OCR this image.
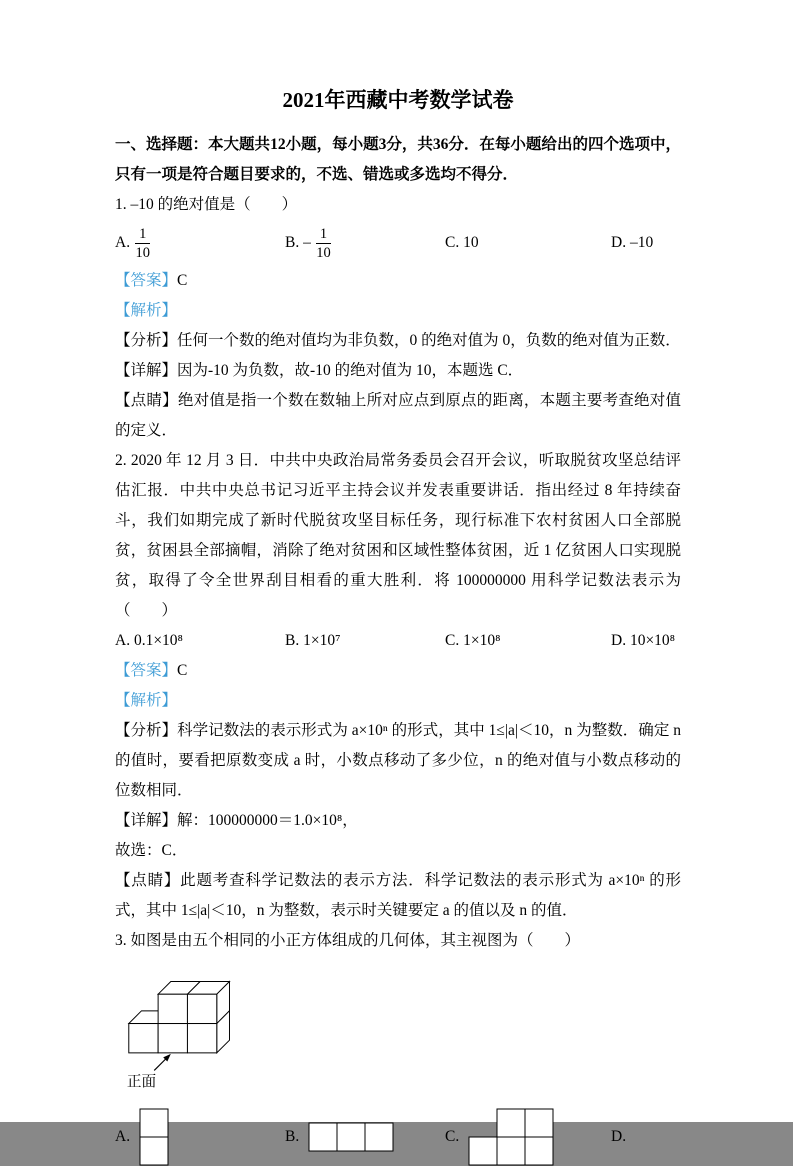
2021年西藏中考数学试卷

一、选择题：本大题共12小题，每小题3分，共36分．在每小题给出的四个选项中，只有一项是符合题目要求的，不选、错选或多选均不得分．

1. –10 的绝对值是（　　）

A. $\frac{1}{10}$	B. – $\frac{1}{10}$	C. 10	D. –10

【答案】C

【解析】

【分析】任何一个数的绝对值均为非负数，0 的绝对值为 0，负数的绝对值为正数．

【详解】因为-10 为负数，故-10 的绝对值为 10，本题选 C．

【点睛】绝对值是指一个数在数轴上所对应点到原点的距离，本题主要考查绝对值的定义．

2. 2020 年 12 月 3 日．中共中央政治局常务委员会召开会议，听取脱贫攻坚总结评估汇报．中共中央总书记习近平主持会议并发表重要讲话．指出经过 8 年持续奋斗，我们如期完成了新时代脱贫攻坚目标任务，现行标准下农村贫困人口全部脱贫，贫困县全部摘帽，消除了绝对贫困和区域性整体贫困，近 1 亿贫困人口实现脱贫，取得了令全世界刮目相看的重大胜利．将 100000000 用科学记数法表示为（　　）

A. 0.1×10⁸	B. 1×10⁷	C. 1×10⁸	D. 10×10⁸

【答案】C

【解析】

【分析】科学记数法的表示形式为 a×10ⁿ 的形式，其中 1≤|a|＜10，n 为整数．确定 n 的值时，要看把原数变成 a 时，小数点移动了多少位，n 的绝对值与小数点移动的位数相同．

【详解】解：100000000＝1.0×10⁸，

故选：C．

【点睛】此题考查科学记数法的表示方法．科学记数法的表示形式为 a×10ⁿ 的形式，其中 1≤|a|＜10，n 为整数，表示时关键要定 a 的值以及 n 的值．

3. 如图是由五个相同的小正方体组成的几何体，其主视图为（　　）

正面
A.	B.	C.	D.
